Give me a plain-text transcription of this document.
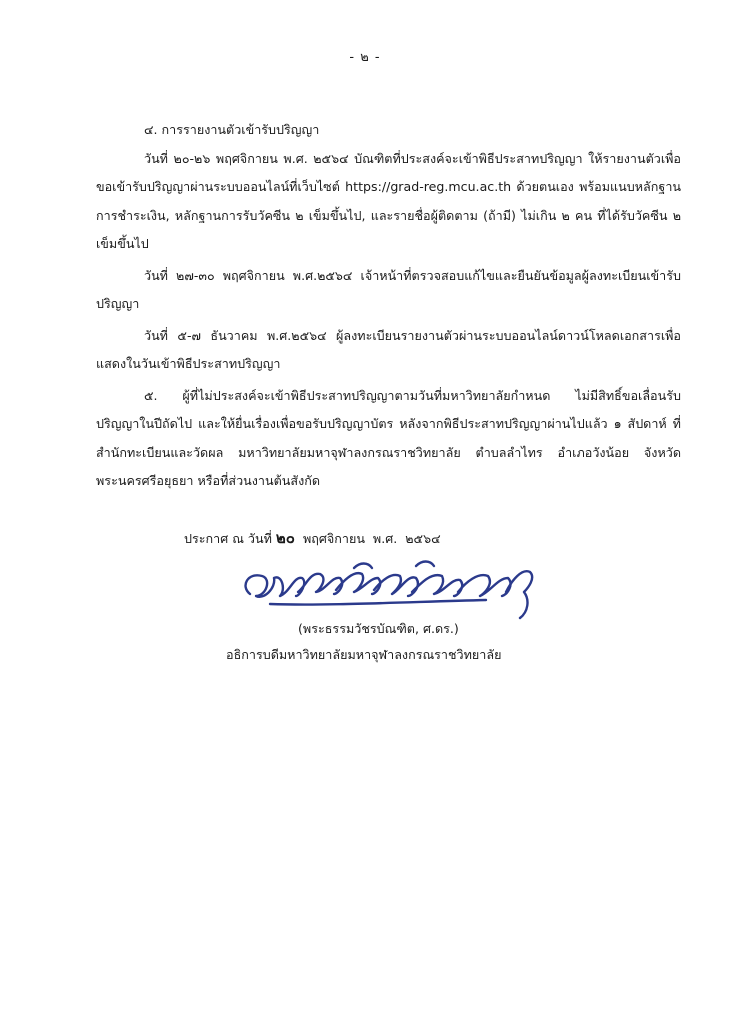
- ๒ -

๔. การรายงานตัวเข้ารับปริญญา

วันที่ ๒๐-๒๖ พฤศจิกายน พ.ศ. ๒๕๖๔ บัณฑิตที่ประสงค์จะเข้าพิธีประสาทปริญญา ให้รายงานตัวเพื่อขอเข้ารับปริญญาผ่านระบบออนไลน์ที่เว็บไซต์ https://grad-reg.mcu.ac.th ด้วยตนเอง พร้อมแนบหลักฐานการชำระเงิน, หลักฐานการรับวัคซีน ๒ เข็มขึ้นไป, และรายชื่อผู้ติดตาม (ถ้ามี) ไม่เกิน ๒ คน ที่ได้รับวัคซีน ๒ เข็มขึ้นไป

วันที่ ๒๗-๓๐ พฤศจิกายน พ.ศ.๒๕๖๔ เจ้าหน้าที่ตรวจสอบแก้ไขและยืนยันข้อมูลผู้ลงทะเบียนเข้ารับปริญญา

วันที่ ๕-๗ ธันวาคม พ.ศ.๒๕๖๔ ผู้ลงทะเบียนรายงานตัวผ่านระบบออนไลน์ดาวน์โหลดเอกสารเพื่อแสดงในวันเข้าพิธีประสาทปริญญา

๕. ผู้ที่ไม่ประสงค์จะเข้าพิธีประสาทปริญญาตามวันที่มหาวิทยาลัยกำหนด ไม่มีสิทธิ์ขอเลื่อนรับปริญญาในปีถัดไป และให้ยื่นเรื่องเพื่อขอรับปริญญาบัตร หลังจากพิธีประสาทปริญญาผ่านไปแล้ว ๑ สัปดาห์ ที่สำนักทะเบียนและวัดผล มหาวิทยาลัยมหาจุฬาลงกรณราชวิทยาลัย ตำบลลำไทร อำเภอวังน้อย จังหวัดพระนครศรีอยุธยา หรือที่ส่วนงานต้นสังกัด

ประกาศ ณ วันที่ ๒๐  พฤศจิกายน  พ.ศ.  ๒๕๖๔
(พระธรรมวัชรบัณฑิต, ศ.ดร.)
อธิการบดีมหาวิทยาลัยมหาจุฬาลงกรณราชวิทยาลัย
